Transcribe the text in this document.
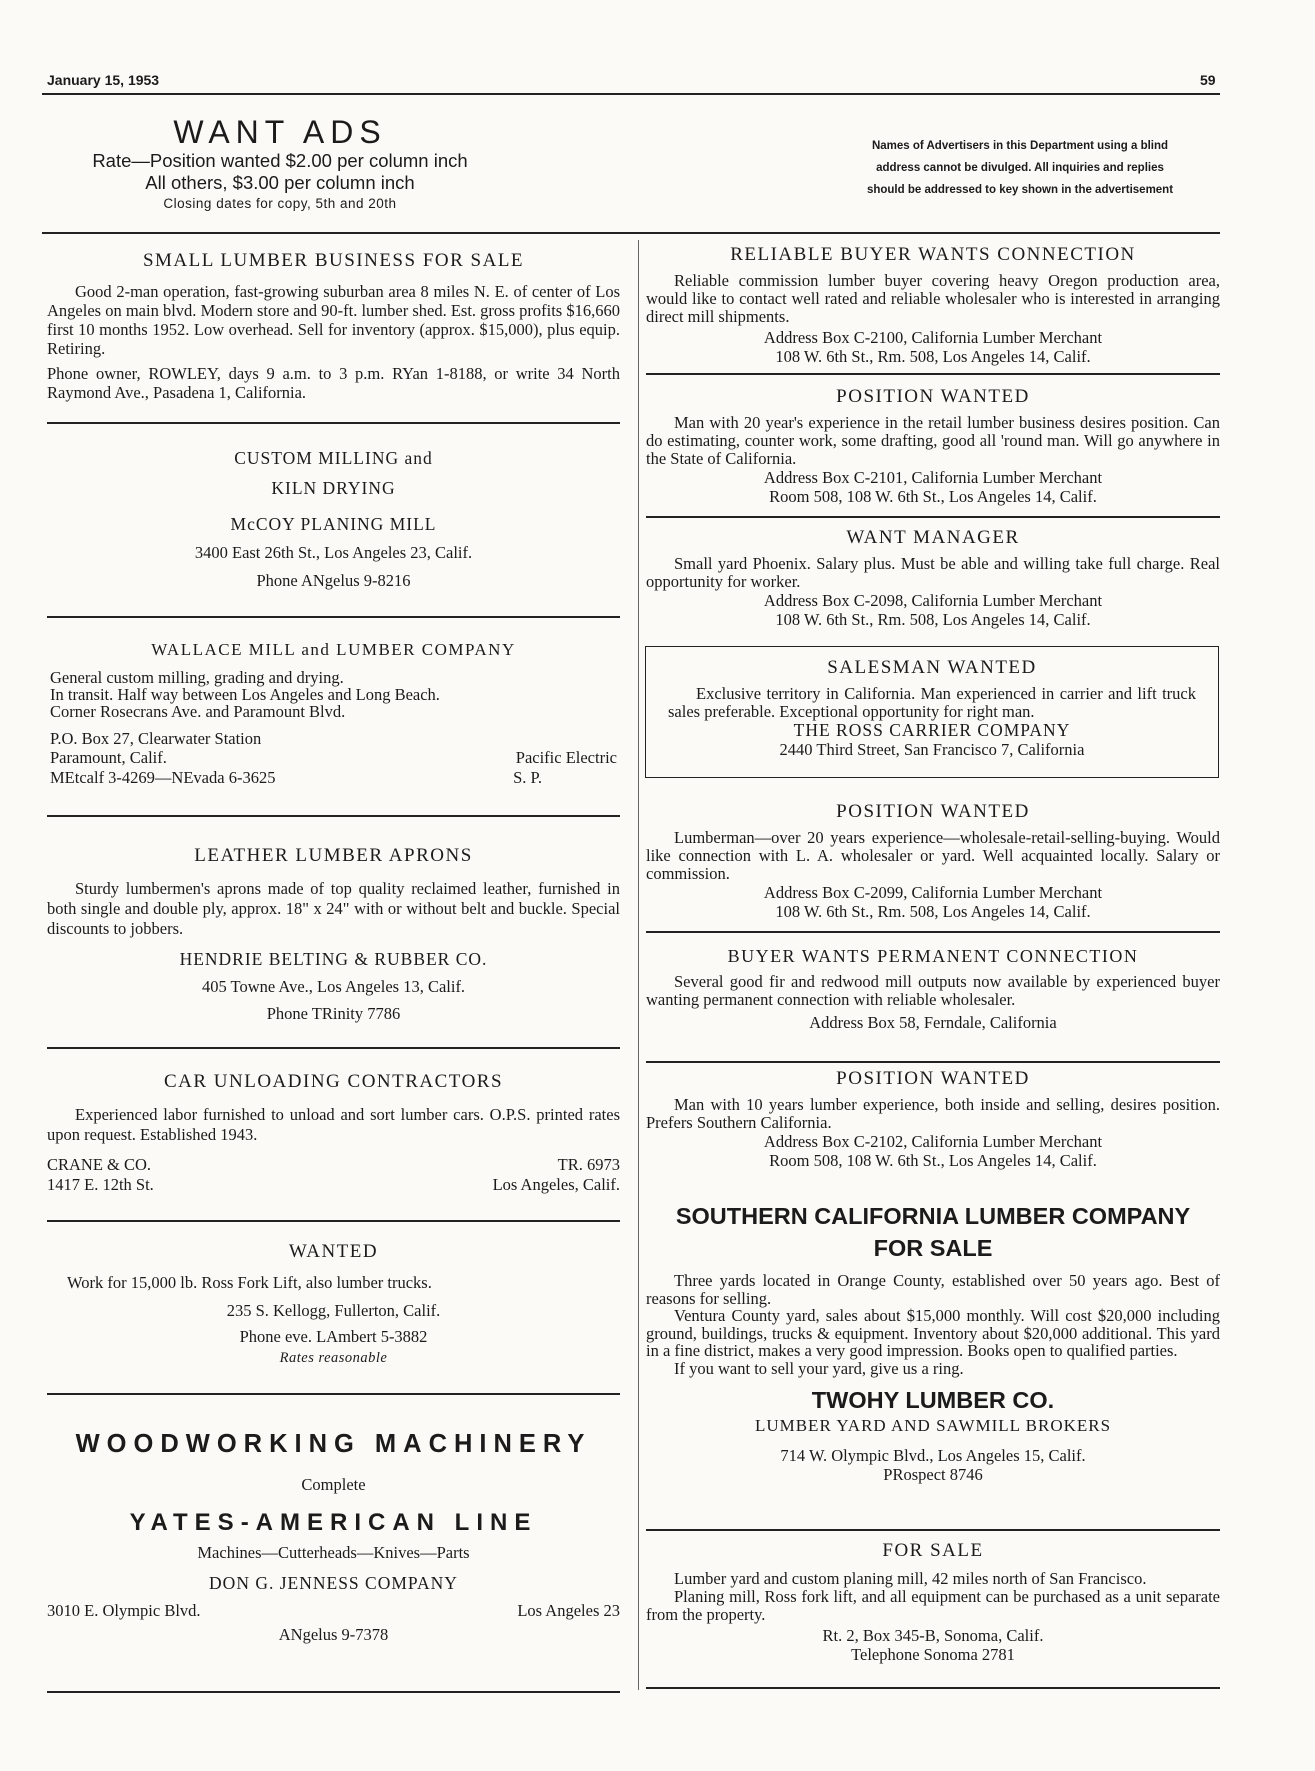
January 15, 1953	59
WANT ADS
Rate—Position wanted $2.00 per column inch
All others, $3.00 per column inch
Closing dates for copy, 5th and 20th
Names of Advertisers in this Department using a blind
address cannot be divulged. All inquiries and replies
should be addressed to key shown in the advertisement
SMALL LUMBER BUSINESS FOR SALE

Good 2-man operation, fast-growing suburban area 8 miles N. E. of center of Los Angeles on main blvd. Modern store and 90-ft. lumber shed. Est. gross profits $16,660 first 10 months 1952. Low overhead. Sell for inventory (approx. $15,000), plus equip. Retiring.

Phone owner, ROWLEY, days 9 a.m. to 3 p.m. RYan 1-8188, or write 34 North Raymond Ave., Pasadena 1, California.

CUSTOM MILLING and
KILN DRYING
McCOY PLANING MILL
3400 East 26th St., Los Angeles 23, Calif.
Phone ANgelus 9-8216
WALLACE MILL and LUMBER COMPANY
General custom milling, grading and drying.
In transit. Half way between Los Angeles and Long Beach.
Corner Rosecrans Ave. and Paramount Blvd.
P.O. Box 27, Clearwater Station
Paramount, Calif.	Pacific Electric
MEtcalf 3-4269—NEvada 6-3625	S. P.
LEATHER LUMBER APRONS

Sturdy lumbermen's aprons made of top quality reclaimed leather, furnished in both single and double ply, approx. 18" x 24" with or without belt and buckle. Special discounts to jobbers.

HENDRIE BELTING & RUBBER CO.
405 Towne Ave., Los Angeles 13, Calif.
Phone TRinity 7786
CAR UNLOADING CONTRACTORS

Experienced labor furnished to unload and sort lumber cars. O.P.S. printed rates upon request. Established 1943.

CRANE & CO.	TR. 6973
1417 E. 12th St.	Los Angeles, Calif.
WANTED
Work for 15,000 lb. Ross Fork Lift, also lumber trucks.
235 S. Kellogg, Fullerton, Calif.
Phone eve. LAmbert 5-3882
Rates reasonable
WOODWORKING MACHINERY
Complete
YATES-AMERICAN LINE
Machines—Cutterheads—Knives—Parts
DON G. JENNESS COMPANY
3010 E. Olympic Blvd.	Los Angeles 23
ANgelus 9-7378
RELIABLE BUYER WANTS CONNECTION

Reliable commission lumber buyer covering heavy Oregon production area, would like to contact well rated and reliable wholesaler who is interested in arranging direct mill shipments.

Address Box C-2100, California Lumber Merchant
108 W. 6th St., Rm. 508, Los Angeles 14, Calif.
POSITION WANTED

Man with 20 year's experience in the retail lumber business desires position. Can do estimating, counter work, some drafting, good all 'round man. Will go anywhere in the State of California.

Address Box C-2101, California Lumber Merchant
Room 508, 108 W. 6th St., Los Angeles 14, Calif.
WANT MANAGER

Small yard Phoenix. Salary plus. Must be able and willing take full charge. Real opportunity for worker.

Address Box C-2098, California Lumber Merchant
108 W. 6th St., Rm. 508, Los Angeles 14, Calif.
SALESMAN WANTED

Exclusive territory in California. Man experienced in carrier and lift truck sales preferable. Exceptional opportunity for right man.

THE ROSS CARRIER COMPANY
2440 Third Street, San Francisco 7, California
POSITION WANTED

Lumberman—over 20 years experience—wholesale-retail-selling-buying. Would like connection with L. A. wholesaler or yard. Well acquainted locally. Salary or commission.

Address Box C-2099, California Lumber Merchant
108 W. 6th St., Rm. 508, Los Angeles 14, Calif.
BUYER WANTS PERMANENT CONNECTION

Several good fir and redwood mill outputs now available by experienced buyer wanting permanent connection with reliable wholesaler.

Address Box 58, Ferndale, California
POSITION WANTED

Man with 10 years lumber experience, both inside and selling, desires position. Prefers Southern California.

Address Box C-2102, California Lumber Merchant
Room 508, 108 W. 6th St., Los Angeles 14, Calif.
SOUTHERN CALIFORNIA LUMBER COMPANY
FOR SALE

Three yards located in Orange County, established over 50 years ago. Best of reasons for selling.

Ventura County yard, sales about $15,000 monthly. Will cost $20,000 including ground, buildings, trucks & equipment. Inventory about $20,000 additional. This yard in a fine district, makes a very good impression. Books open to qualified parties.

If you want to sell your yard, give us a ring.

TWOHY LUMBER CO.
LUMBER YARD AND SAWMILL BROKERS
714 W. Olympic Blvd., Los Angeles 15, Calif.
PRospect 8746
FOR SALE

Lumber yard and custom planing mill, 42 miles north of San Francisco.

Planing mill, Ross fork lift, and all equipment can be purchased as a unit separate from the property.

Rt. 2, Box 345-B, Sonoma, Calif.
Telephone Sonoma 2781
